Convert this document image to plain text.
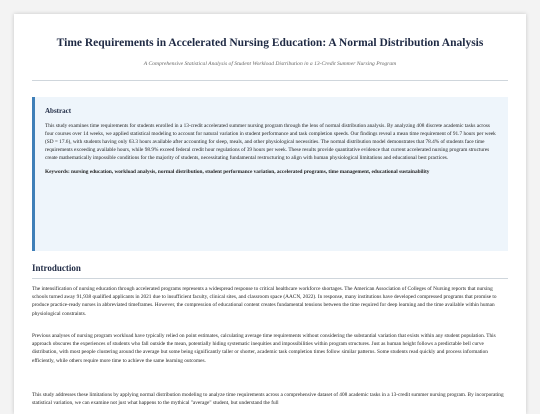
Time Requirements in Accelerated Nursing Education: A Normal Distribution Analysis

A Comprehensive Statistical Analysis of Student Workload Distribution in a 13-Credit Summer Nursing Program

Abstract

This study examines time requirements for students enrolled in a 13-credit accelerated summer nursing program through the lens of normal distribution analysis. By analyzing 408 discrete academic tasks across four courses over 14 weeks, we applied statistical modeling to account for natural variation in student performance and task completion speeds. Our findings reveal a mean time requirement of 91.7 hours per week (SD = 17.6), with students having only 63.3 hours available after accounting for sleep, meals, and other physiological necessities. The normal distribution model demonstrates that 78.4% of students face time requirements exceeding available hours, while 98.9% exceed federal credit hour regulations of 39 hours per week. These results provide quantitative evidence that current accelerated nursing program structures create mathematically impossible conditions for the majority of students, necessitating fundamental restructuring to align with human physiological limitations and educational best practices.

Keywords: nursing education, workload analysis, normal distribution, student performance variation, accelerated programs, time management, educational sustainability

Introduction

The intensification of nursing education through accelerated programs represents a widespread response to critical healthcare workforce shortages. The American Association of Colleges of Nursing reports that nursing schools turned away 91,938 qualified applicants in 2021 due to insufficient faculty, clinical sites, and classroom space (AACN, 2022). In response, many institutions have developed compressed programs that promise to produce practice-ready nurses in abbreviated timeframes. However, the compression of educational content creates fundamental tensions between the time required for deep learning and the time available within human physiological constraints.

Previous analyses of nursing program workload have typically relied on point estimates, calculating average time requirements without considering the substantial variation that exists within any student population. This approach obscures the experiences of students who fall outside the mean, potentially hiding systematic inequities and impossibilities within program structures. Just as human height follows a predictable bell curve distribution, with most people clustering around the average but some being significantly taller or shorter, academic task completion times follow similar patterns. Some students read quickly and process information efficiently, while others require more time to achieve the same learning outcomes.

This study addresses these limitations by applying normal distribution modeling to analyze time requirements across a comprehensive dataset of 408 academic tasks in a 13-credit summer nursing program. By incorporating statistical variation, we can examine not just what happens to the mythical "average" student, but understand the full
